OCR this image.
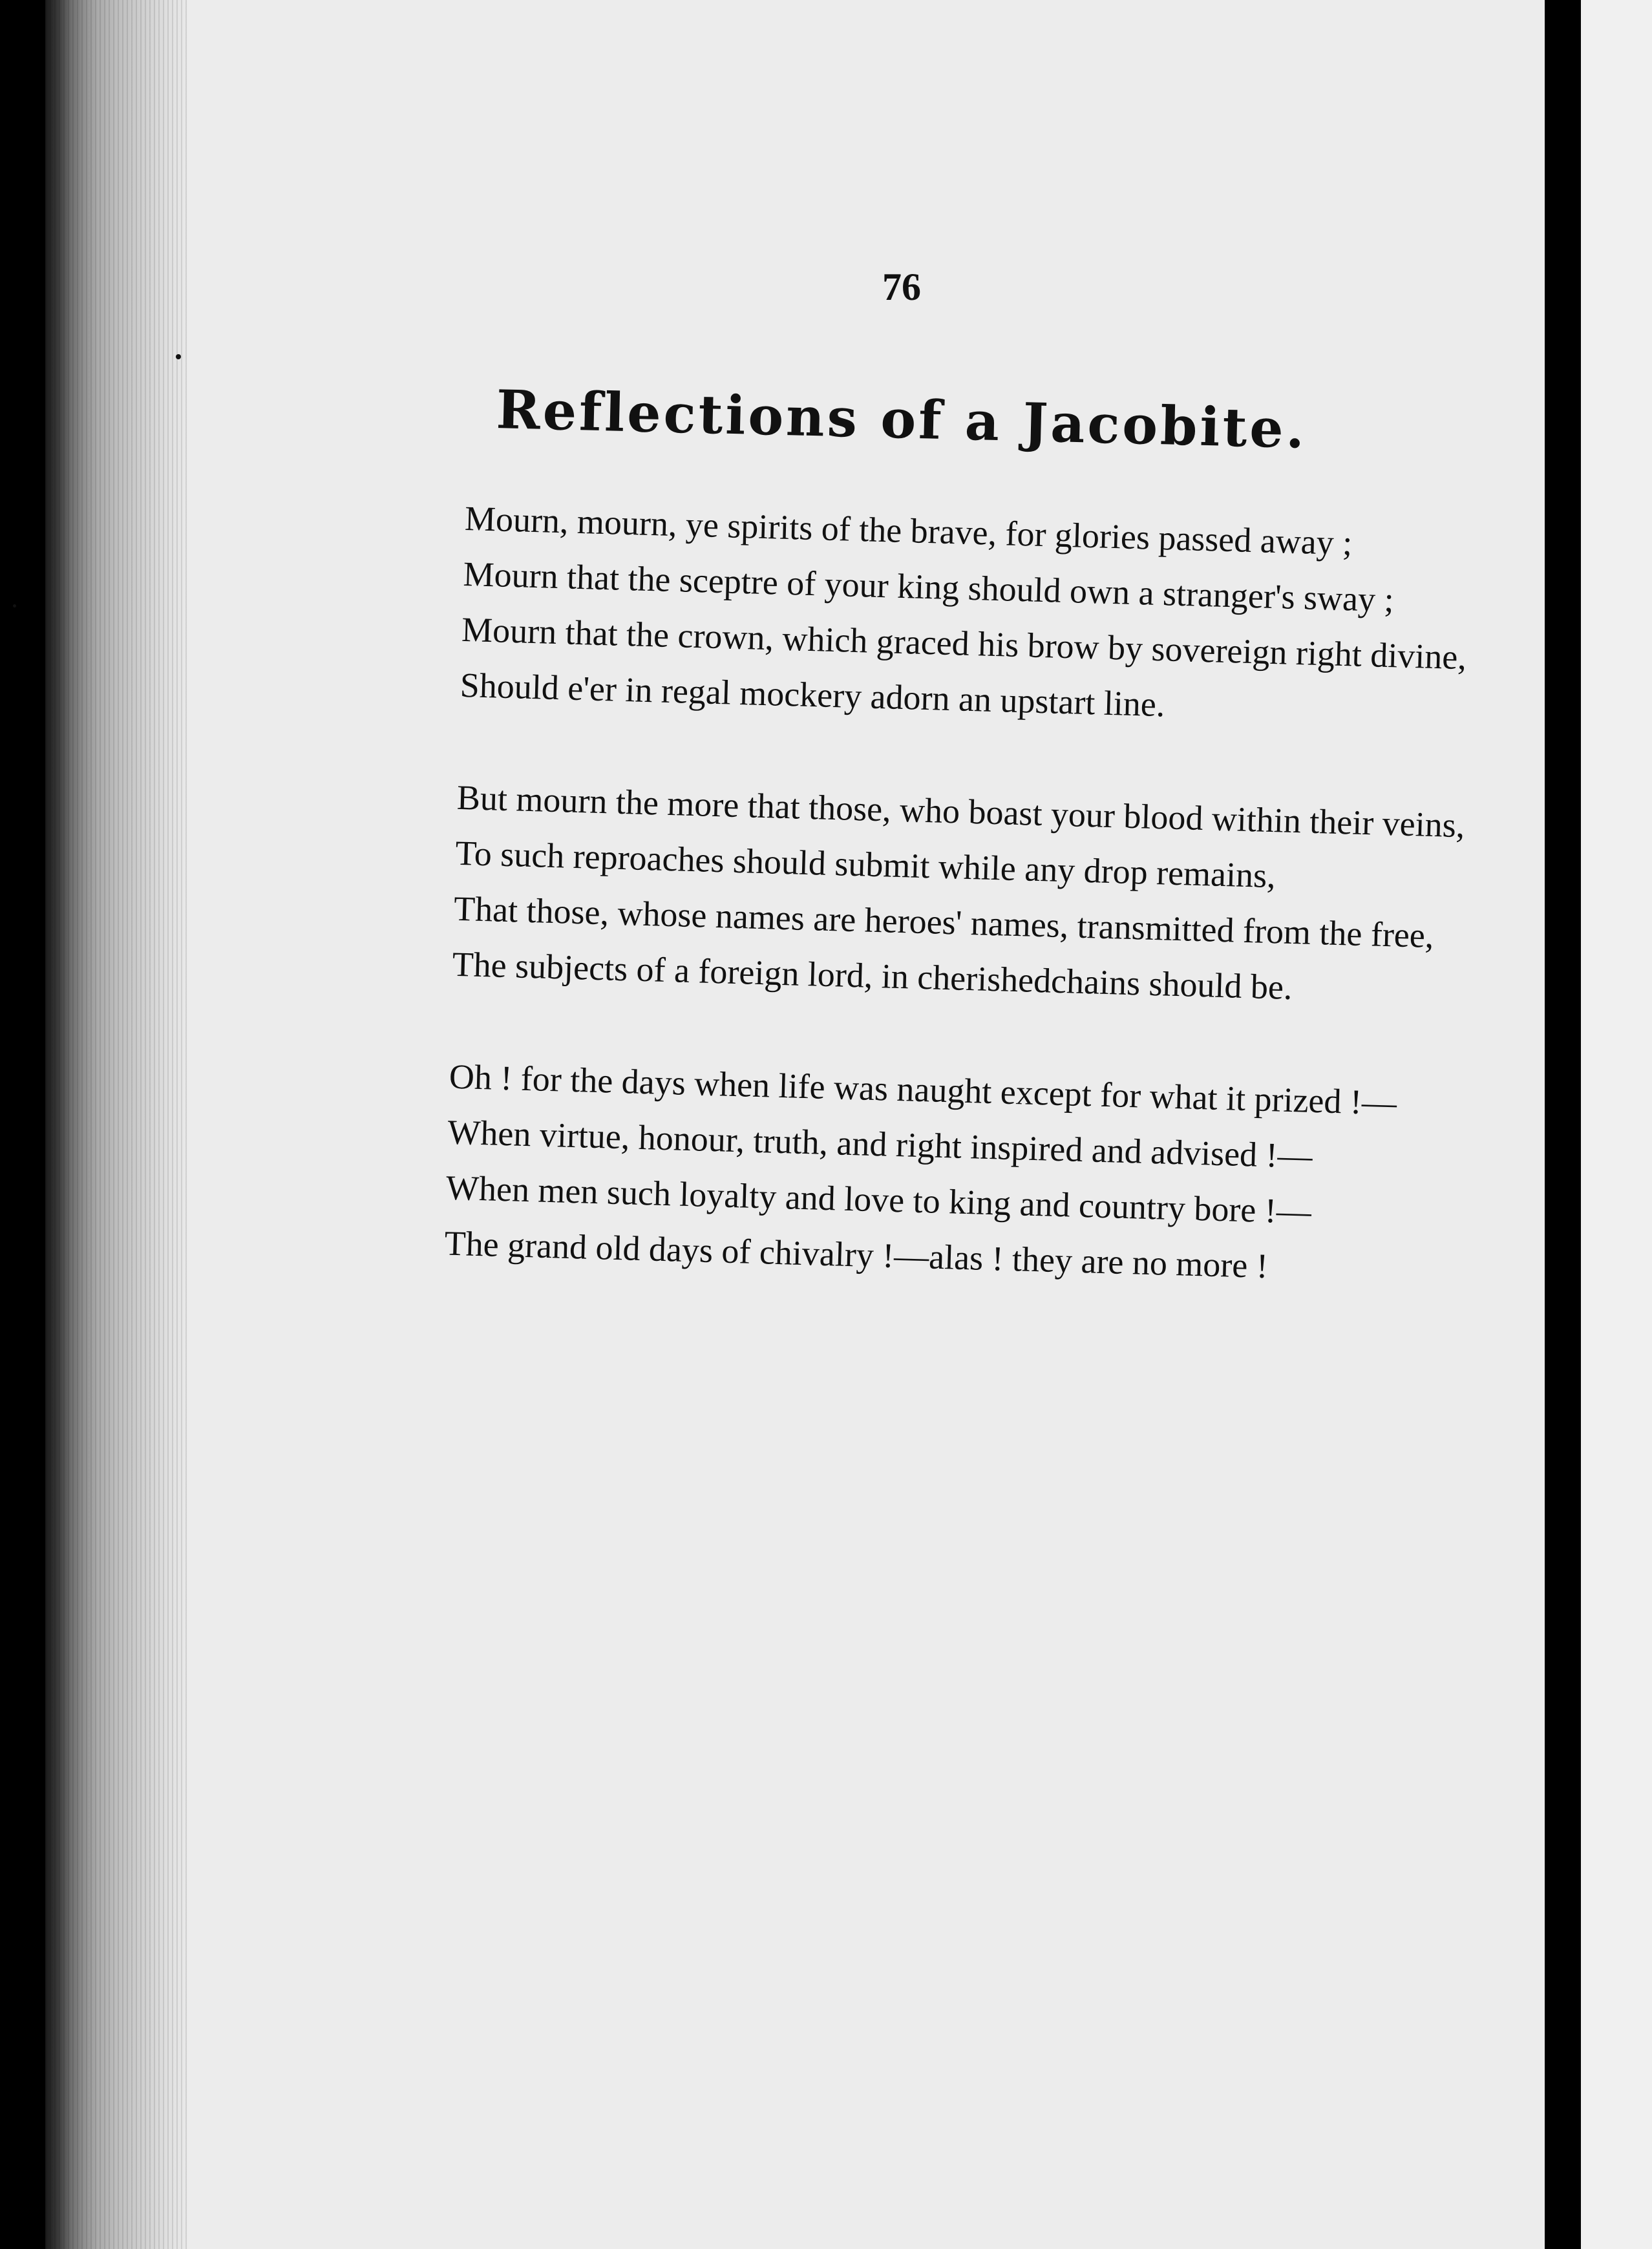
76
Reflections of a Jacobite.
Mourn, mourn, ye spirits of the brave, for glories passed away ;
Mourn that the sceptre of your king should own a stranger's sway ;
Mourn that the crown, which graced his brow by sovereign right divine,
Should e'er in regal mockery adorn an upstart line.
But mourn the more that those, who boast your blood within their veins,
To such reproaches should submit while any drop remains,
That those, whose names are heroes' names, transmitted from the free,
The subjects of a foreign lord, in cherishedchains should be.
Oh ! for the days when life was naught except for what it prized !—
When virtue, honour, truth, and right inspired and advised !—
When men such loyalty and love to king and country bore !—
The grand old days of chivalry !—alas ! they are no more !
